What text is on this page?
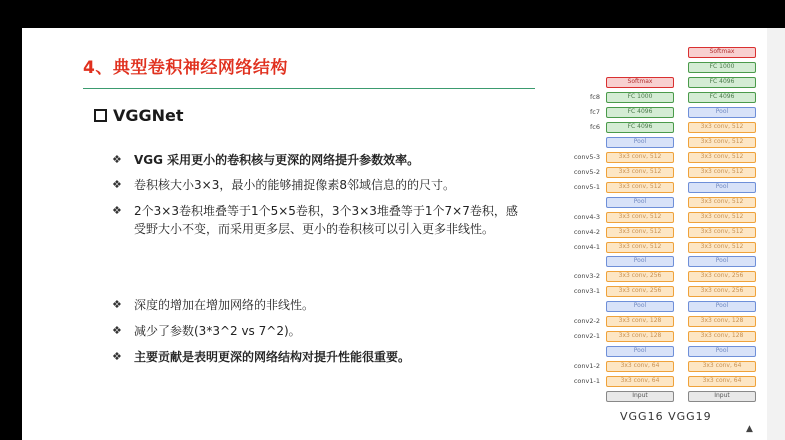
4、典型卷积神经网络结构
VGGNet
❖	VGG 采用更小的卷积核与更深的网络提升参数效率。
❖	卷积核大小3×3，最小的能够捕捉像素8邻域信息的的尺寸。
❖	2个3×3卷积堆叠等于1个5×5卷积，3个3×3堆叠等于1个7×7卷积，感受野大小不变，而采用更多层、更小的卷积核可以引入更多非线性。
❖	深度的增加在增加网络的非线性。
❖	减少了参数(3*3^2 vs 7^2)。
❖	主要贡献是表明更深的网络结构对提升性能很重要。
VGG16 VGG19
Softmax
FC 1000
FC 4096
FC 4096
Pool
3x3 conv, 512
3x3 conv, 512
3x3 conv, 512
Pool
3x3 conv, 512
3x3 conv, 512
3x3 conv, 512
Pool
3x3 conv, 256
3x3 conv, 256
Pool
3x3 conv, 128
3x3 conv, 128
Pool
3x3 conv, 64
3x3 conv, 64
Input
Softmax
FC 1000
FC 4096
FC 4096
Pool
3x3 conv, 512
3x3 conv, 512
3x3 conv, 512
3x3 conv, 512
Pool
3x3 conv, 512
3x3 conv, 512
3x3 conv, 512
3x3 conv, 512
Pool
3x3 conv, 256
3x3 conv, 256
Pool
3x3 conv, 128
3x3 conv, 128
Pool
3x3 conv, 64
3x3 conv, 64
Input
fc8
fc7
fc6
conv5-3
conv5-2
conv5-1
conv4-3
conv4-2
conv4-1
conv3-2
conv3-1
conv2-2
conv2-1
conv1-2
conv1-1
▲
